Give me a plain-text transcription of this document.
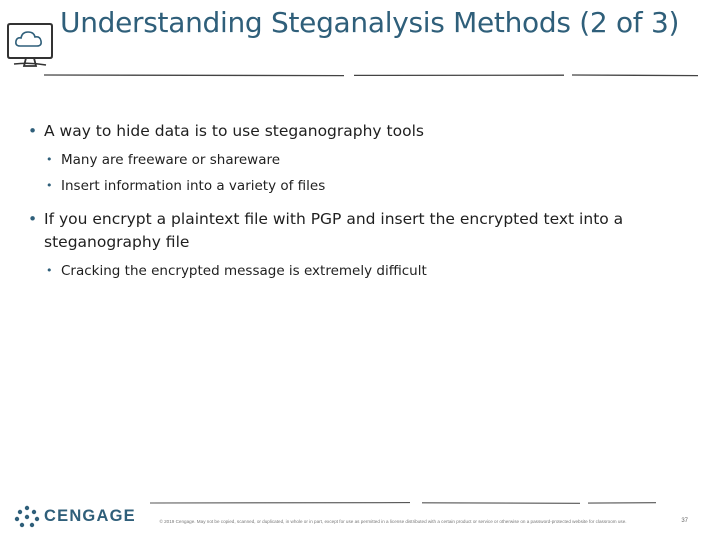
Understanding Steganalysis Methods (2 of 3)
• A way to hide data is to use steganography tools
• Many are freeware or shareware
• Insert information into a variety of files
• If you encrypt a plaintext file with PGP and insert the encrypted text into a steganography file
• Cracking the encrypted message is extremely difficult
CENGAGE	© 2019 Cengage. May not be copied, scanned, or duplicated, in whole or in part, except for use as permitted in a license distributed with a certain product or service or otherwise on a password-protected website for classroom use.	37
